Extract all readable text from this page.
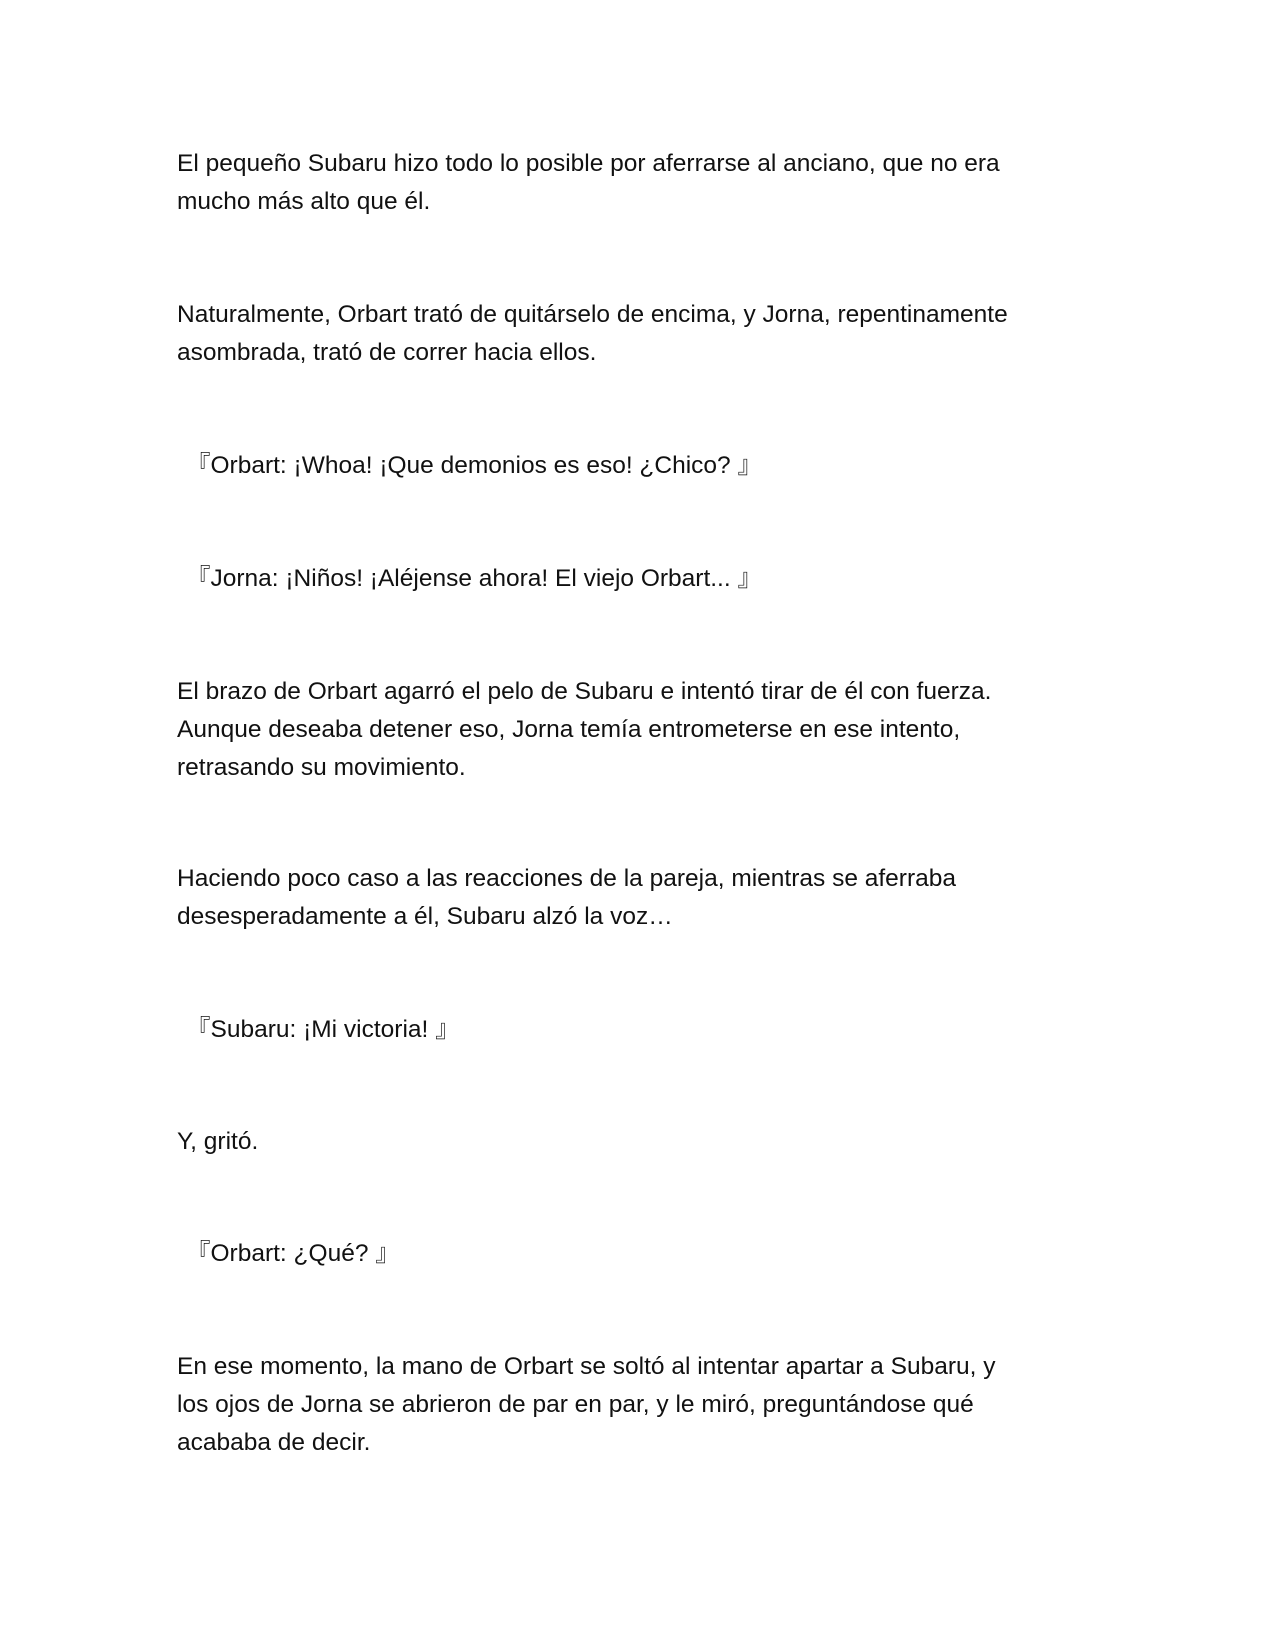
El pequeño Subaru hizo todo lo posible por aferrarse al anciano, que no era

mucho más alto que él.

Naturalmente, Orbart trató de quitárselo de encima, y Jorna, repentinamente

asombrada, trató de correr hacia ellos.

『Orbart: ¡Whoa! ¡Que demonios es eso! ¿Chico? 』

『Jorna: ¡Niños! ¡Aléjense ahora! El viejo Orbart... 』

El brazo de Orbart agarró el pelo de Subaru e intentó tirar de él con fuerza.

Aunque deseaba detener eso, Jorna temía entrometerse en ese intento,

retrasando su movimiento.

Haciendo poco caso a las reacciones de la pareja, mientras se aferraba

desesperadamente a él, Subaru alzó la voz…

『Subaru: ¡Mi victoria! 』

Y, gritó.

『Orbart: ¿Qué? 』

En ese momento, la mano de Orbart se soltó al intentar apartar a Subaru, y

los ojos de Jorna se abrieron de par en par, y le miró, preguntándose qué

acababa de decir.
